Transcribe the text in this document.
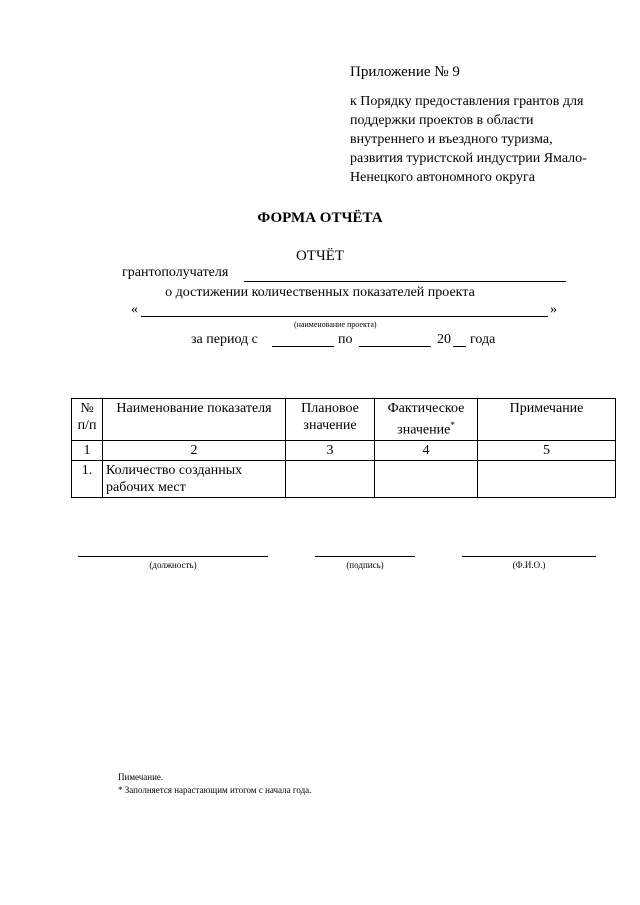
Приложение № 9
к Порядку предоставления грантов для
поддержки проектов в области
внутреннего и въездного туризма,
развития туристской индустрии Ямало-
Ненецкого автономного округа
ФОРМА ОТЧЁТА
ОТЧЁТ
грантополучателя
о достижении количественных показателей проекта
«	»
(наименование проекта)
за период с	по	20 года
№ п/п	Наименование показателя	Плановое значение	Фактическое значение*	Примечание
1	2	3	4	5
1.	Количество созданных рабочих мест			
(должность)	(подпись)	(Ф.И.О.)
Пимечание.
* Заполняется нарастающим итогом с начала года.
